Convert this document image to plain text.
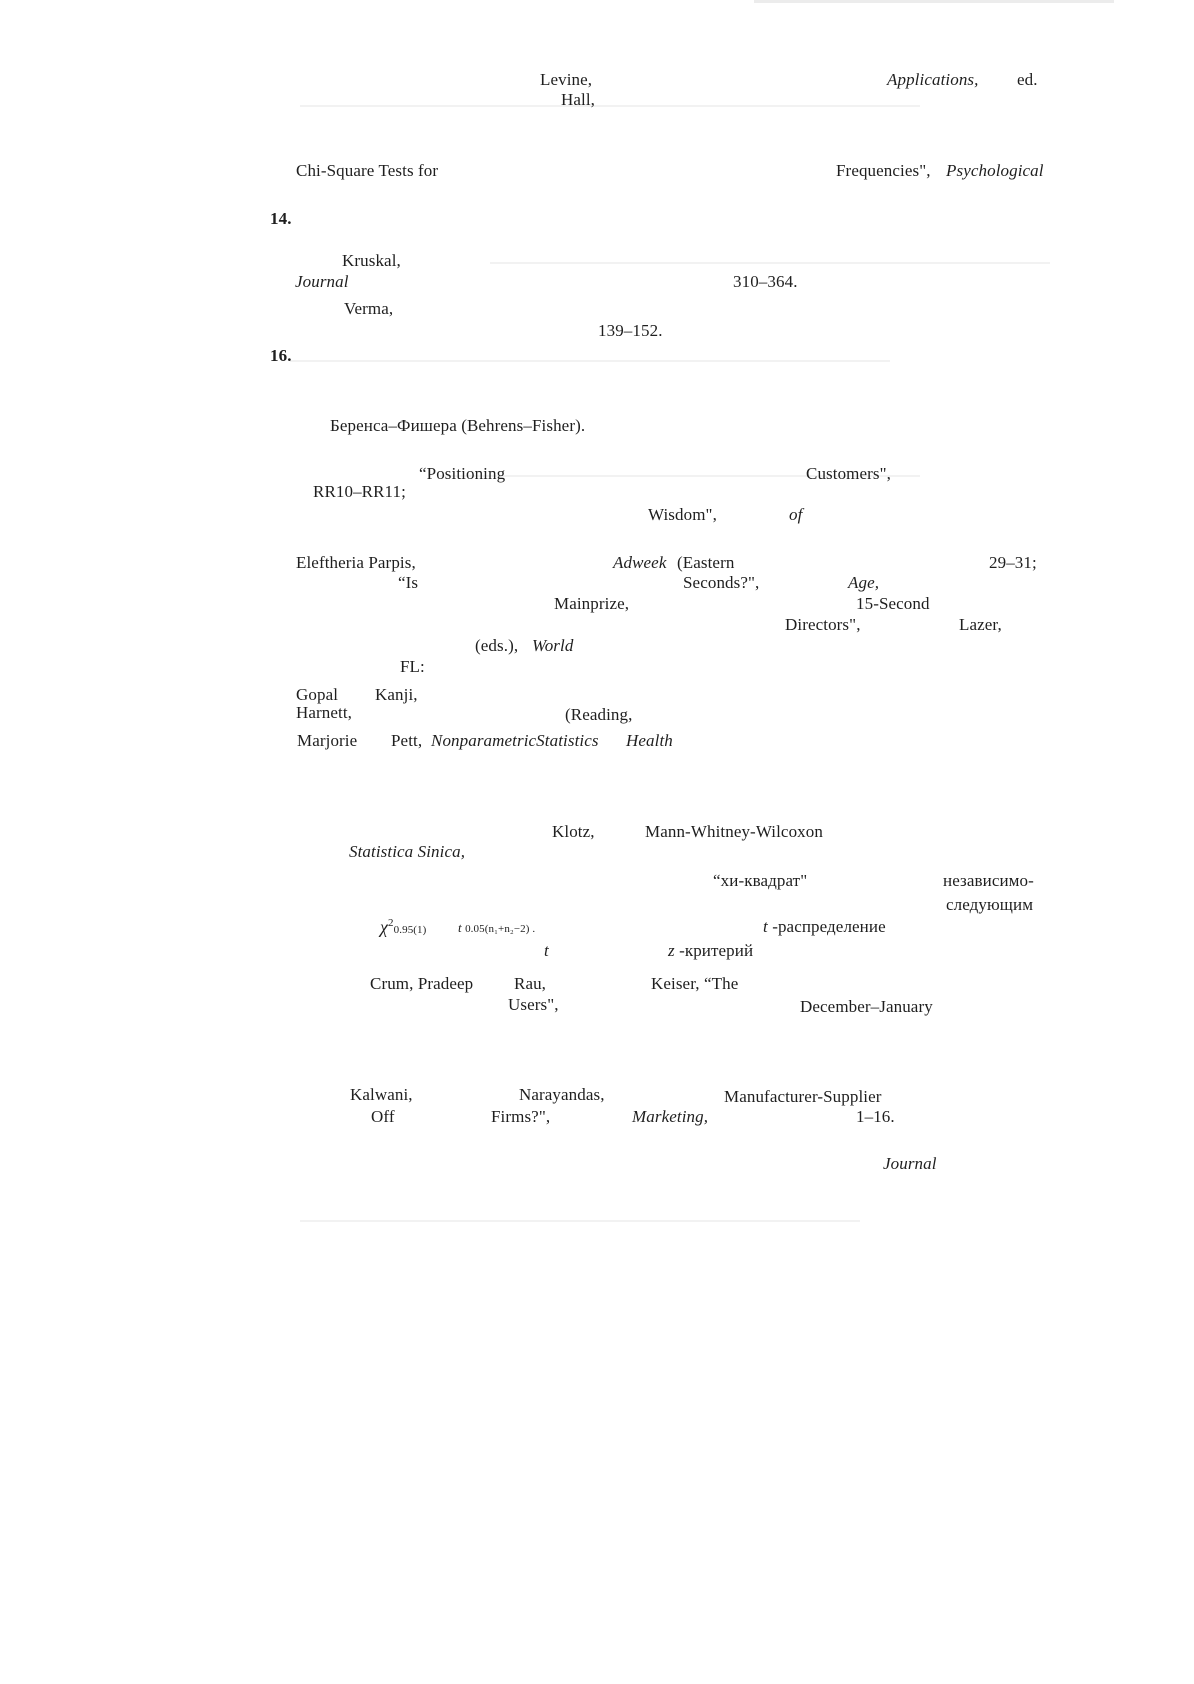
Levine,	Applications, ed.
Hall,
Chi-Square Tests for	Frequencies", Psychological
14.
Kruskal,
Journal	310–364.
Verma,
139–152.
16.
Беренса–Фишера (Behrens–Fisher).
“Positioning	Customers",
RR10–RR11;
Wisdom",	of
Eleftheria Parpis,	Adweek (Eastern	29–31;
“Is	Seconds?",	Age,
Mainprize,	15-Second
Directors",	Lazer,
(eds.), World
FL:
Gopal Kanji,
Harnett,	(Reading,
Marjorie Pett, NonparametricStatistics Health
Klotz,	Mann-Whitney-Wilcoxon
Statistica Sinica,
“хи-квадрат"	независимо-
следующим
$\chi^20.95(1)$ t 0.05(n₁+n₂−2) .	t -распределение
t	z -критерий
Crum, Pradeep Rau,	Keiser, “The
Users",	December–January
Kalwani,	Narayandas,	Manufacturer-Supplier
Off	Firms?",	Marketing,	1–16.
Journal
